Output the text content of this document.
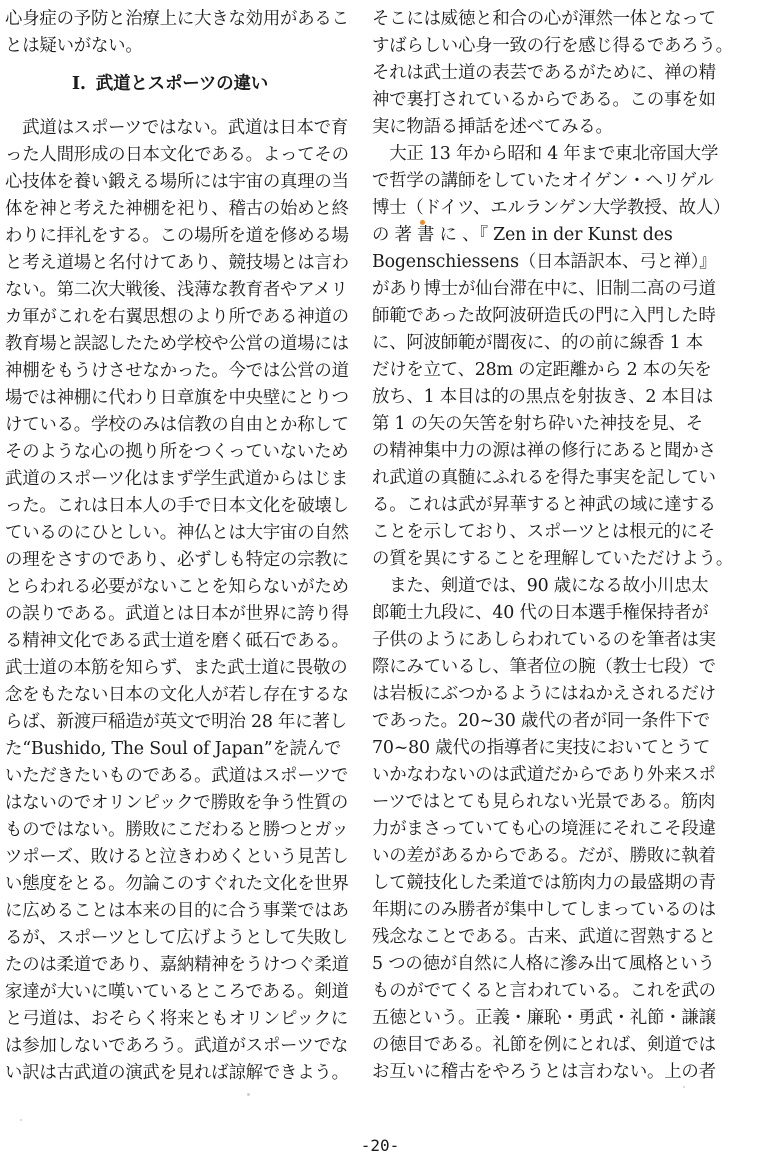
心身症の予防と治療上に大きな効用があるこ
とは疑いがない。

I. 武道とスポーツの違い

　武道はスポーツではない。武道は日本で育
った人間形成の日本文化である。よってその
心技体を養い鍛える場所には宇宙の真理の当
体を神と考えた神棚を祀り、稽古の始めと終
わりに拝礼をする。この場所を道を修める場
と考え道場と名付けてあり、競技場とは言わ
ない。第二次大戦後、浅薄な教育者やアメリ
カ軍がこれを右翼思想のより所である神道の
教育場と誤認したため学校や公営の道場には
神棚をもうけさせなかった。今では公営の道
場では神棚に代わり日章旗を中央壁にとりつ
けている。学校のみは信教の自由とか称して
そのような心の拠り所をつくっていないため
武道のスポーツ化はまず学生武道からはじま
った。これは日本人の手で日本文化を破壊し
ているのにひとしい。神仏とは大宇宙の自然
の理をさすのであり、必ずしも特定の宗教に
とらわれる必要がないことを知らないがため
の誤りである。武道とは日本が世界に誇り得
る精神文化である武士道を磨く砥石である。
武士道の本筋を知らず、また武士道に畏敬の
念をもたない日本の文化人が若し存在するな
らば、新渡戸稲造が英文で明治 28 年に著し
た“Bushido, The Soul of Japan”を読んで
いただきたいものである。武道はスポーツで
はないのでオリンピックで勝敗を争う性質の
ものではない。勝敗にこだわると勝つとガッ
ツポーズ、敗けると泣きわめくという見苦し
い態度をとる。勿論このすぐれた文化を世界
に広めることは本来の目的に合う事業ではあ
るが、スポーツとして広げようとして失敗し
たのは柔道であり、嘉納精神をうけつぐ柔道
家達が大いに嘆いているところである。剣道
と弓道は、おそらく将来ともオリンピックに
は参加しないであろう。武道がスポーツでな
い訳は古武道の演武を見れば諒解できよう。

そこには威徳と和合の心が渾然一体となって
すばらしい心身一致の行を感じ得るであろう。
それは武士道の表芸であるがために、禅の精
神で裏打されているからである。この事を如
実に物語る挿話を述べてみる。
　大正 13 年から昭和 4 年まで東北帝国大学
で哲学の講師をしていたオイゲン・ヘリゲル
博士（ドイツ、エルランゲン大学教授、故人）
の 著 書 に 、『 Zen in der Kunst des
Bogenschiessens（日本語訳本、弓と禅）』
があり博士が仙台滞在中に、旧制二高の弓道
師範であった故阿波研造氏の門に入門した時
に、阿波師範が闇夜に、的の前に線香 1 本
だけを立て、28m の定距離から 2 本の矢を
放ち、1 本目は的の黒点を射抜き、2 本目は
第 1 の矢の矢筈を射ち砕いた神技を見、そ
の精神集中力の源は禅の修行にあると聞かさ
れ武道の真髄にふれるを得た事実を記してい
る。これは武が昇華すると神武の域に達する
ことを示しており、スポーツとは根元的にそ
の質を異にすることを理解していただけよう。
　また、剣道では、90 歳になる故小川忠太
郎範士九段に、40 代の日本選手権保持者が
子供のようにあしらわれているのを筆者は実
際にみているし、筆者位の腕（教士七段）で
は岩板にぶつかるようにはねかえされるだけ
であった。20~30 歳代の者が同一条件下で
70~80 歳代の指導者に実技においてとうて
いかなわないのは武道だからであり外来スポ
ーツではとても見られない光景である。筋肉
力がまさっていても心の境涯にそれこそ段違
いの差があるからである。だが、勝敗に執着
して競技化した柔道では筋肉力の最盛期の青
年期にのみ勝者が集中してしまっているのは
残念なことである。古来、武道に習熟すると
5 つの徳が自然に人格に滲み出て風格という
ものがでてくると言われている。これを武の
五徳という。正義・廉恥・勇武・礼節・謙譲
の徳目である。礼節を例にとれば、剣道では
お互いに稽古をやろうとは言わない。上の者

-20-
